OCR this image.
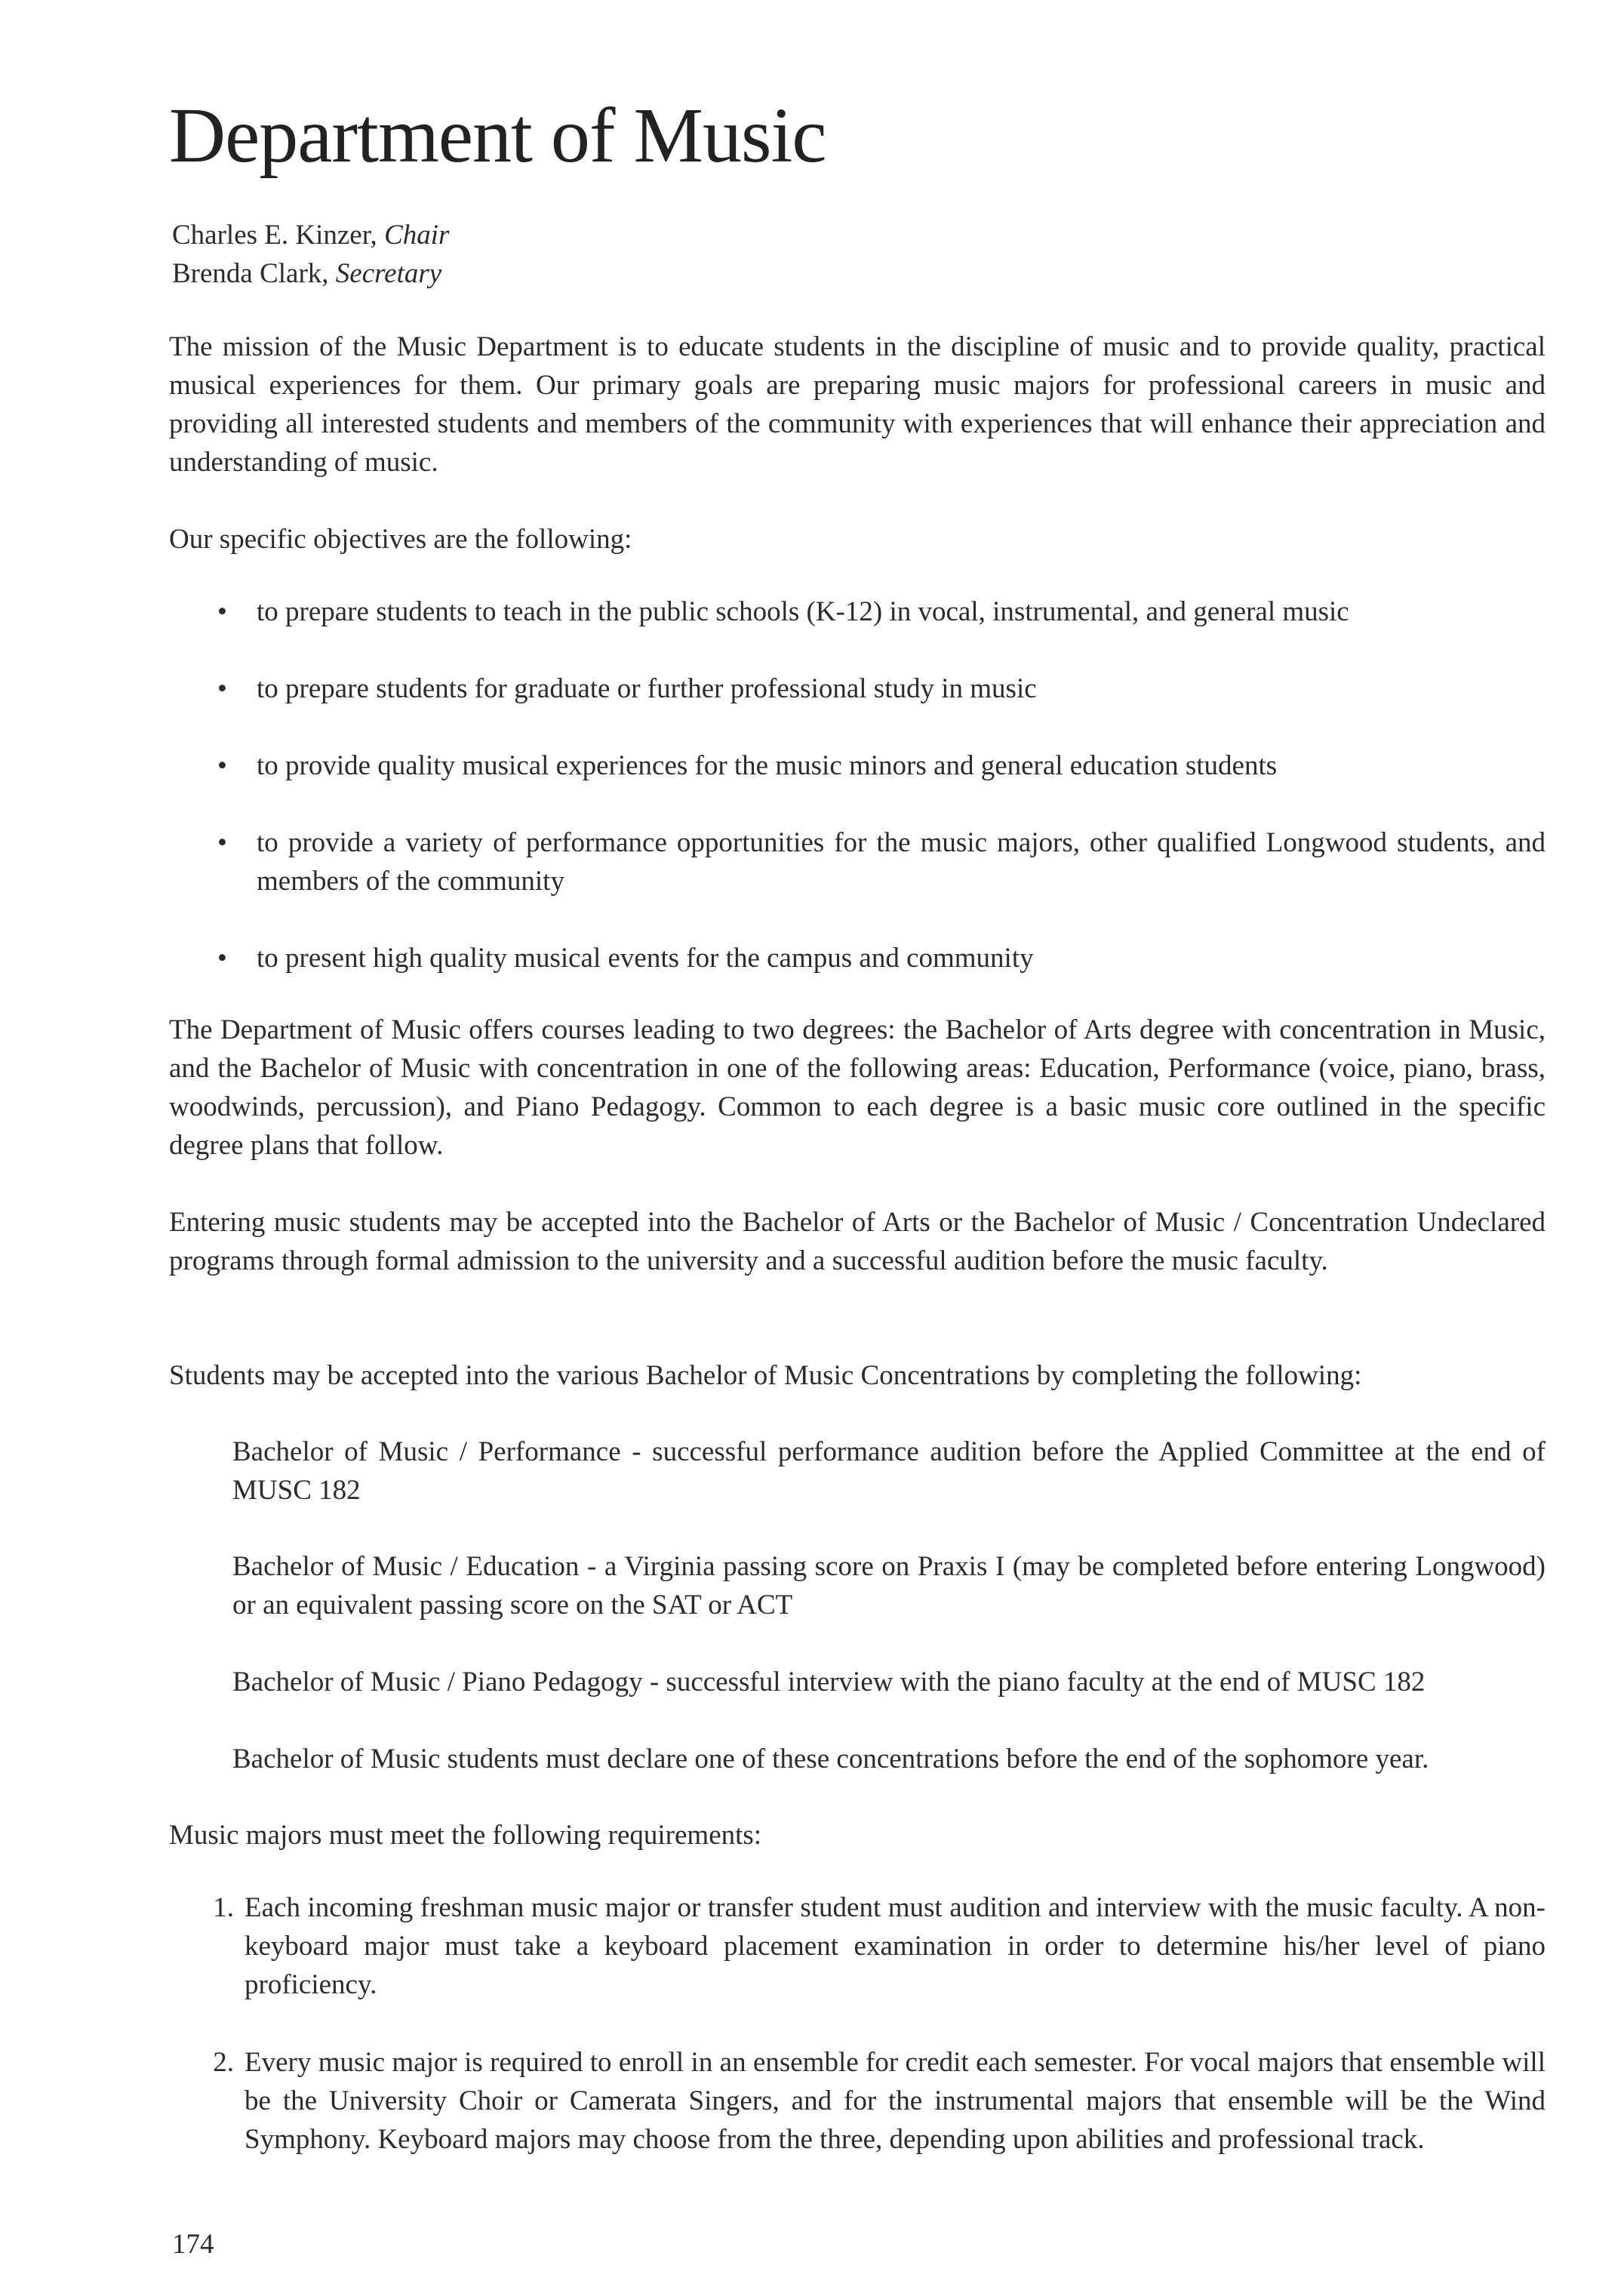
Department of Music
Charles E. Kinzer, Chair
Brenda Clark, Secretary

The mission of the Music Department is to educate students in the discipline of music and to provide quality, practical musical experiences for them. Our primary goals are preparing music majors for professional careers in music and providing all interested students and members of the community with experiences that will enhance their appreciation and understanding of music.

Our specific objectives are the following:

•	to prepare students to teach in the public schools (K-12) in vocal, instrumental, and general music
•	to prepare students for graduate or further professional study in music
•	to provide quality musical experiences for the music minors and general education students
•	to provide a variety of performance opportunities for the music majors, other qualified Longwood students, and members of the community
•	to present high quality musical events for the campus and community

The Department of Music offers courses leading to two degrees: the Bachelor of Arts degree with concentration in Music, and the Bachelor of Music with concentration in one of the following areas: Education, Performance (voice, piano, brass, woodwinds, percussion), and Piano Pedagogy. Common to each degree is a basic music core outlined in the specific degree plans that follow.

Entering music students may be accepted into the Bachelor of Arts or the Bachelor of Music / Concentration Undeclared programs through formal admission to the university and a successful audition before the music faculty.

Students may be accepted into the various Bachelor of Music Concentrations by completing the following:

Bachelor of Music / Performance - successful performance audition before the Applied Committee at the end of MUSC 182

Bachelor of Music / Education - a Virginia passing score on Praxis I (may be completed before entering Longwood) or an equivalent passing score on the SAT or ACT

Bachelor of Music / Piano Pedagogy - successful interview with the piano faculty at the end of MUSC 182

Bachelor of Music students must declare one of these concentrations before the end of the sophomore year.

Music majors must meet the following requirements:

1. Each incoming freshman music major or transfer student must audition and interview with the music faculty. A non-keyboard major must take a keyboard placement examination in order to determine his/her level of piano proficiency.
2. Every music major is required to enroll in an ensemble for credit each semester. For vocal majors that ensemble will be the University Choir or Camerata Singers, and for the instrumental majors that ensemble will be the Wind Symphony. Keyboard majors may choose from the three, depending upon abilities and professional track.
174
